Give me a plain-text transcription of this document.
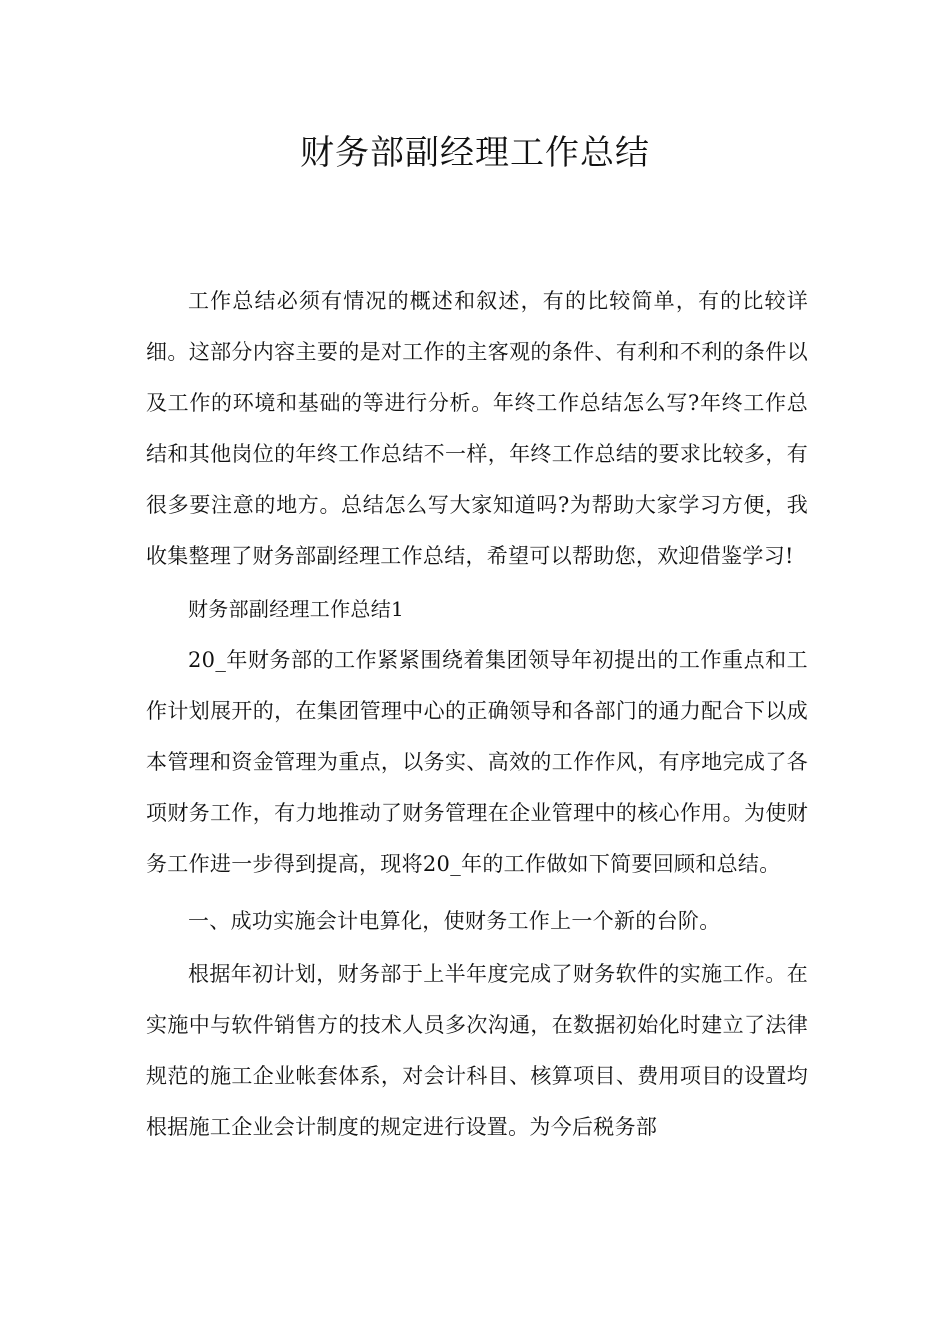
财务部副经理工作总结

工作总结必须有情况的概述和叙述，有的比较简单，有的比较详细。这部分内容主要的是对工作的主客观的条件、有利和不利的条件以及工作的环境和基础的等进行分析。年终工作总结怎么写?年终工作总结和其他岗位的年终工作总结不一样，年终工作总结的要求比较多，有很多要注意的地方。总结怎么写大家知道吗?为帮助大家学习方便，我收集整理了财务部副经理工作总结，希望可以帮助您，欢迎借鉴学习!

财务部副经理工作总结1

20_年财务部的工作紧紧围绕着集团领导年初提出的工作重点和工作计划展开的，在集团管理中心的正确领导和各部门的通力配合下以成本管理和资金管理为重点，以务实、高效的工作作风，有序地完成了各项财务工作，有力地推动了财务管理在企业管理中的核心作用。为使财务工作进一步得到提高，现将20_年的工作做如下简要回顾和总结。

一、成功实施会计电算化，使财务工作上一个新的台阶。

根据年初计划，财务部于上半年度完成了财务软件的实施工作。在实施中与软件销售方的技术人员多次沟通，在数据初始化时建立了法律规范的施工企业帐套体系，对会计科目、核算项目、费用项目的设置均根据施工企业会计制度的规定进行设置。为今后税务部
